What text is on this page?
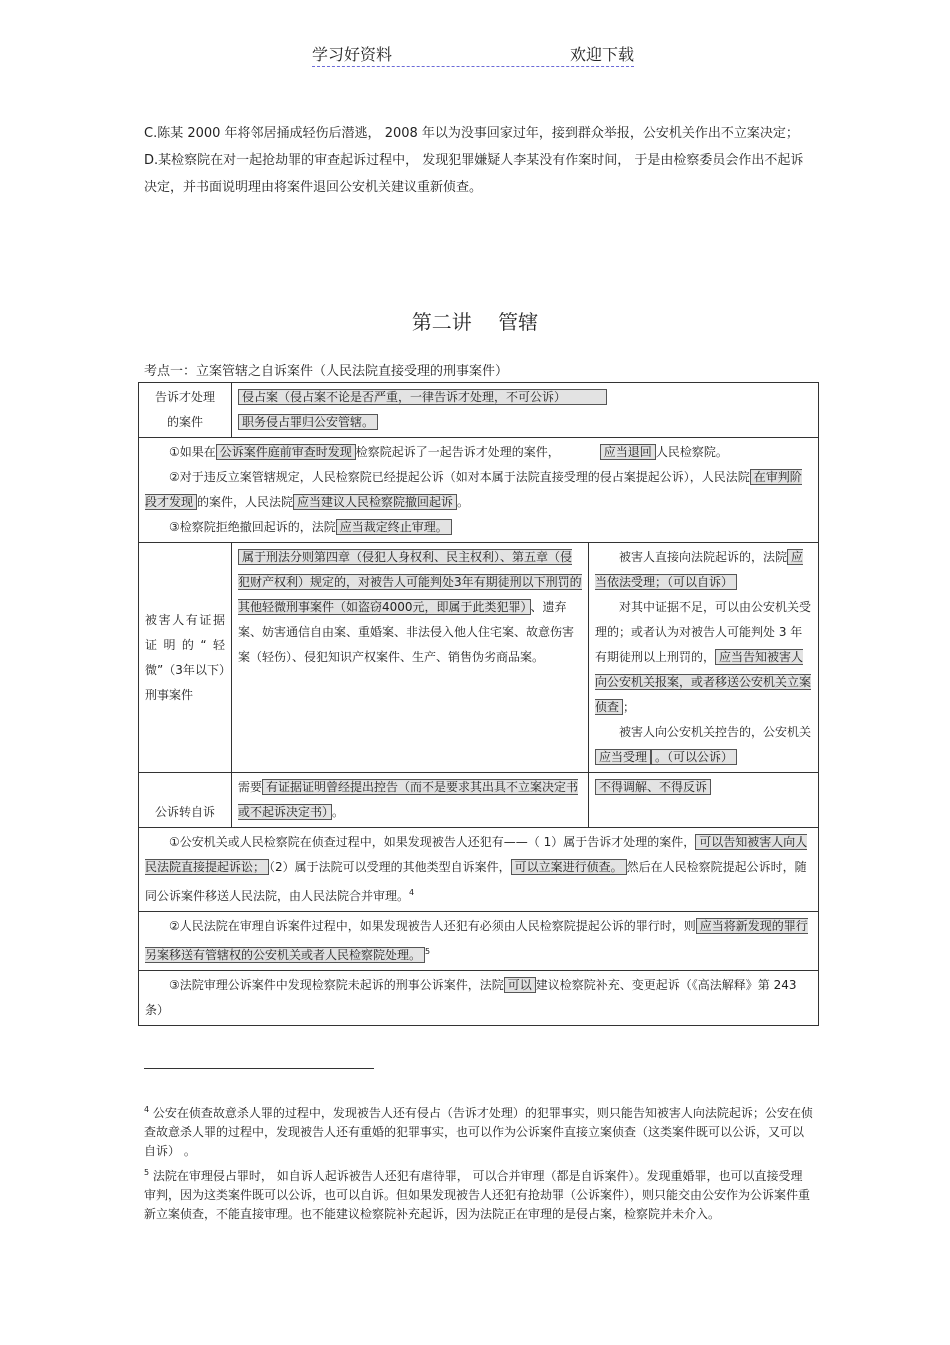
学习好资料	欢迎下载

C.陈某 2000 年将邻居捅成轻伤后潜逃， 2008 年以为没事回家过年，接到群众举报，公安机关作出不立案决定；

D.某检察院在对一起抢劫罪的审查起诉过程中， 发现犯罪嫌疑人李某没有作案时间， 于是由检察委员会作出不起诉决定，并书面说明理由将案件退回公安机关建议重新侦查。

第二讲 管辖
考点一：立案管辖之自诉案件（人民法院直接受理的刑事案件）
告诉才处理
的案件	侵占案（侵占案不论是否严重，一律告诉才处理，不可公诉）
职务侵占罪归公安管辖。	

①如果在 公诉案件庭前审查时发现 检察院起诉了一起告诉才处理的案件， 应当退回 人民检察院。
②对于违反立案管辖规定，人民检察院已经提起公诉（如对本属于法院直接受理的侵占案提起公诉），人民法院 在审判阶段才发现 的案件，人民法院 应当建议人民检察院撤回起诉 。
③检察院拒绝撤回起诉的，法院 应当裁定终止审理。		

被害人有证据证明的“轻微”（3年以下）刑事案件	属于刑法分则第四章（侵犯人身权利、民主权利）、第五章（侵犯财产权利）规定的，对被告人可能判处3年有期徒刑以下刑罚的其他轻微刑事案件（如盗窃4000元，即属于此类犯罪） 、遗弃案、妨害通信自由案、重婚案、非法侵入他人住宅案、故意伤害案（轻伤）、侵犯知识产权案件、生产、销售伪劣商品案。	被害人直接向法院起诉的，法院 应当依法受理；（可以自诉）
对其中证据不足，可以由公安机关受理的；或者认为对被告人可能判处 3 年有期徒刑以上刑罚的， 应当告知被害人向公安机关报案，或者移送公安机关立案侦查 ；
被害人向公安机关控告的，公安机关应当受理 。（可以公诉）

公诉转自诉	需要 有证据证明曾经提出控告（而不是要求其出具不立案决定书或不起诉决定书） 。	不得调解、不得反诉
①公安机关或人民检察院在侦查过程中，如果发现被告人还犯有——（ 1）属于告诉才处理的案件， 可以告知被害人向人民法院直接提起诉讼； （2）属于法院可以受理的其他类型自诉案件， 可以立案进行侦查。 然后在人民检察院提起公诉时，随同公诉案件移送人民法院，由人民法院合并审理。$^4$
②人民法院在审理自诉案件过程中，如果发现被告人还犯有必须由人民检察院提起公诉的罪行时，则 应当将新发现的罪行另案移送有管辖权的公安机关或者人民检察院处理。 $^5$
③法院审理公诉案件中发现检察院未起诉的刑事公诉案件，法院 可以 建议检察院补充、变更起诉（《高法解释》第 243 条）		

$^4$ 公安在侦查故意杀人罪的过程中，发现被告人还有侵占（告诉才处理）的犯罪事实，则只能告知被害人向法院起诉；公安在侦查故意杀人罪的过程中，发现被告人还有重婚的犯罪事实，也可以作为公诉案件直接立案侦查（这类案件既可以公诉，又可以自诉） 。

$^5$ 法院在审理侵占罪时， 如自诉人起诉被告人还犯有虐待罪， 可以合并审理（都是自诉案件）。发现重婚罪，也可以直接受理审判，因为这类案件既可以公诉，也可以自诉。但如果发现被告人还犯有抢劫罪（公诉案件），则只能交由公安作为公诉案件重新立案侦查，不能直接审理。也不能建议检察院补充起诉，因为法院正在审理的是侵占案，检察院并未介入。
